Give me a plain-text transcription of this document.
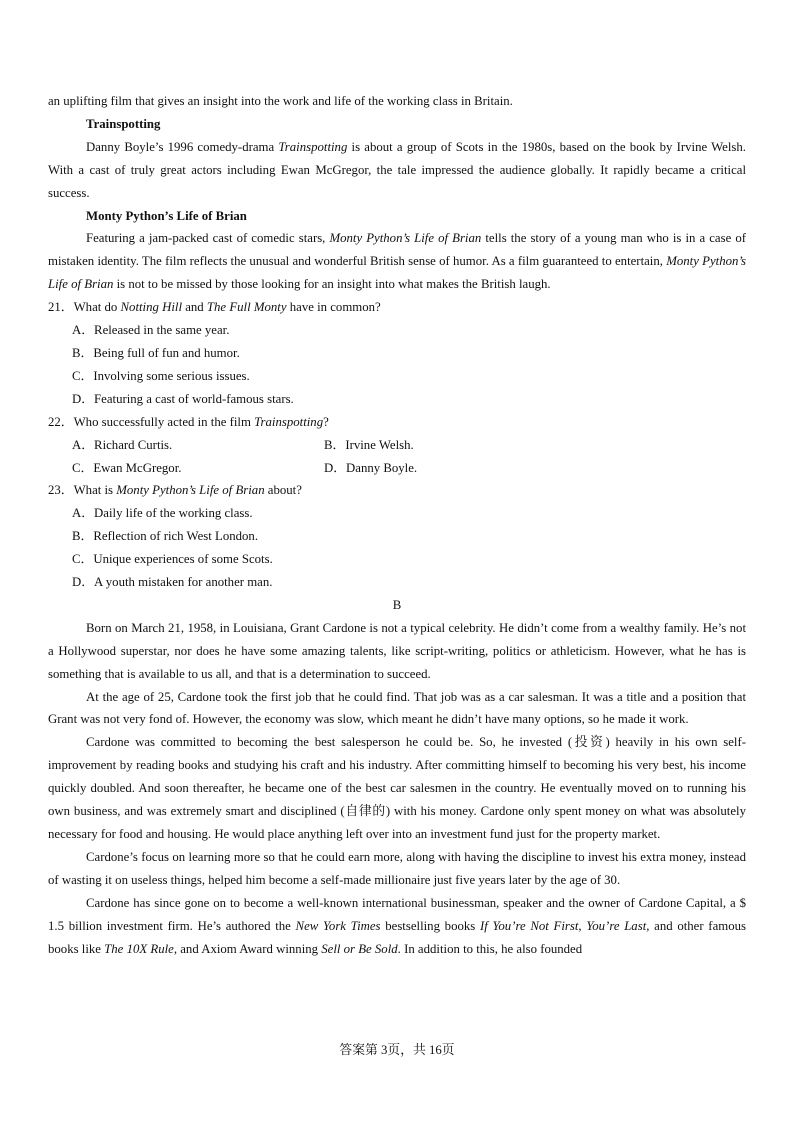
an uplifting film that gives an insight into the work and life of the working class in Britain.

Trainspotting

Danny Boyle’s 1996 comedy-drama Trainspotting is about a group of Scots in the 1980s, based on the book by Irvine Welsh. With a cast of truly great actors including Ewan McGregor, the tale impressed the audience globally. It rapidly became a critical success.

Monty Python’s Life of Brian

Featuring a jam-packed cast of comedic stars, Monty Python’s Life of Brian tells the story of a young man who is in a case of mistaken identity. The film reflects the unusual and wonderful British sense of humor. As a film guaranteed to entertain, Monty Python’s Life of Brian is not to be missed by those looking for an insight into what makes the British laugh.

21．What do Notting Hill and The Full Monty have in common?

A．Released in the same year.

B．Being full of fun and humor.

C．Involving some serious issues.

D．Featuring a cast of world-famous stars.

22．Who successfully acted in the film Trainspotting?

A．Richard Curtis.	B．Irvine Welsh.
C．Ewan McGregor.	D．Danny Boyle.

23．What is Monty Python’s Life of Brian about?

A．Daily life of the working class.

B．Reflection of rich West London.

C．Unique experiences of some Scots.

D．A youth mistaken for another man.

B

Born on March 21, 1958, in Louisiana, Grant Cardone is not a typical celebrity. He didn’t come from a wealthy family. He’s not a Hollywood superstar, nor does he have some amazing talents, like script-writing, politics or athleticism. However, what he has is something that is available to us all, and that is a determination to succeed.

At the age of 25, Cardone took the first job that he could find. That job was as a car salesman. It was a title and a position that Grant was not very fond of. However, the economy was slow, which meant he didn’t have many options, so he made it work.

Cardone was committed to becoming the best salesperson he could be. So, he invested (投资) heavily in his own self-improvement by reading books and studying his craft and his industry. After committing himself to becoming his very best, his income quickly doubled. And soon thereafter, he became one of the best car salesmen in the country. He eventually moved on to running his own business, and was extremely smart and disciplined (自律的) with his money. Cardone only spent money on what was absolutely necessary for food and housing. He would place anything left over into an investment fund just for the property market.

Cardone’s focus on learning more so that he could earn more, along with having the discipline to invest his extra money, instead of wasting it on useless things, helped him become a self-made millionaire just five years later by the age of 30.

Cardone has since gone on to become a well-known international businessman, speaker and the owner of Cardone Capital, a $ 1.5 billion investment firm. He’s authored the New York Times bestselling books If You’re Not First, You’re Last, and other famous books like The 10X Rule, and Axiom Award winning Sell or Be Sold. In addition to this, he also founded

答案第 3页，共 16页
